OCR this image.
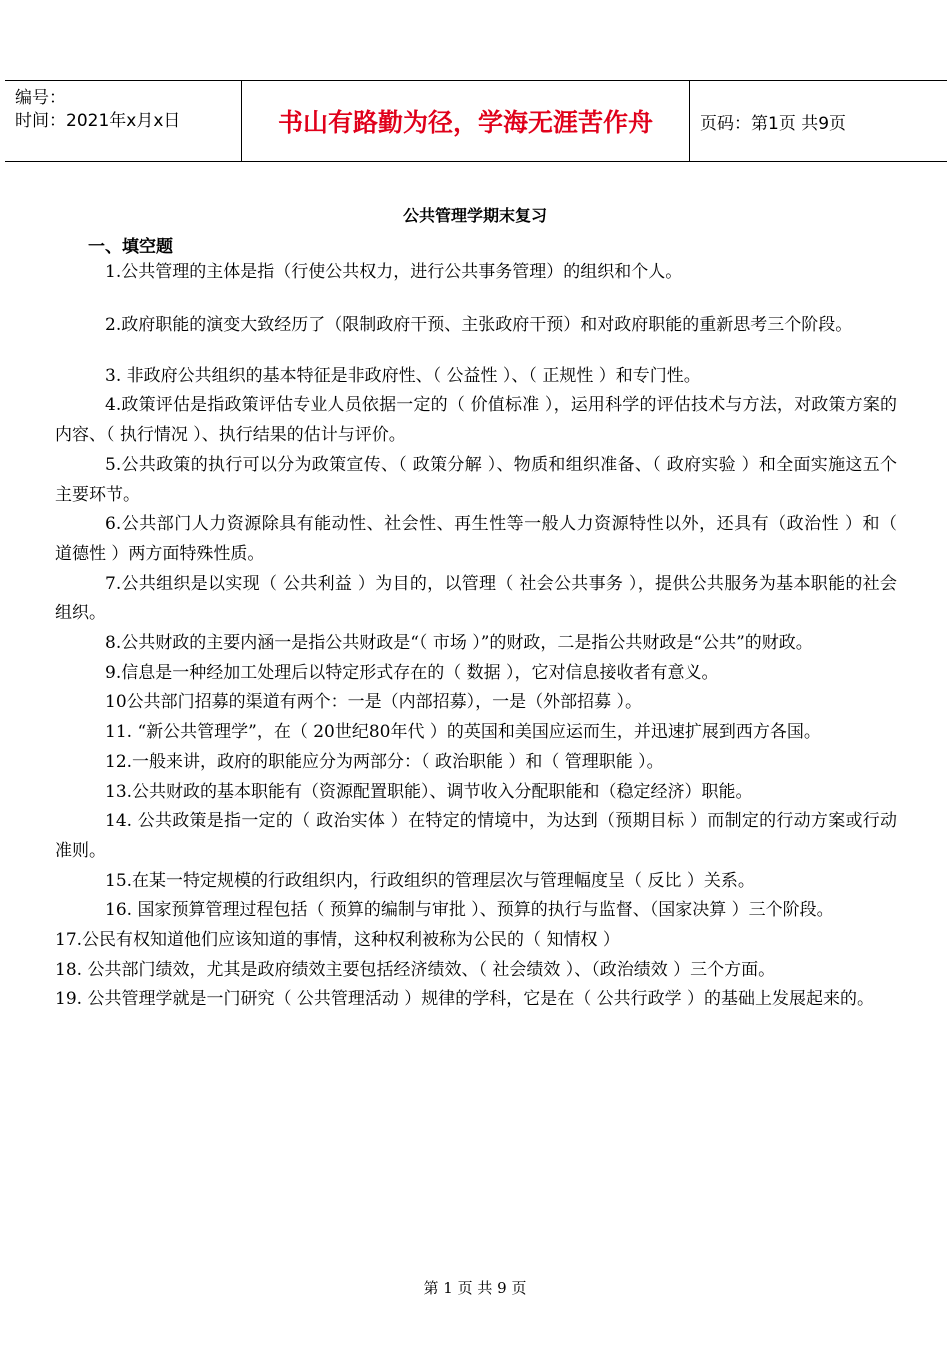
编号：
时间：2021年x月x日	书山有路勤为径，学海无涯苦作舟	页码：第1页 共9页
公共管理学期末复习
一、填空题

1.公共管理的主体是指（行使公共权力，进行公共事务管理）的组织和个人。

2.政府职能的演变大致经历了（限制政府干预、主张政府干预）和对政府职能的重新思考三个阶段。

3. 非政府公共组织的基本特征是非政府性、（ 公益性 ）、（ 正规性 ）和专门性。

4.政策评估是指政策评估专业人员依据一定的（ 价值标准 ），运用科学的评估技术与方法，对政策方案的内容、（ 执行情况 ）、执行结果的估计与评价。

5.公共政策的执行可以分为政策宣传、（ 政策分解 ）、物质和组织准备、（ 政府实验 ）和全面实施这五个主要环节。

6.公共部门人力资源除具有能动性、社会性、再生性等一般人力资源特性以外，还具有（政治性 ）和（ 道德性 ）两方面特殊性质。

7.公共组织是以实现（ 公共利益 ）为目的，以管理（ 社会公共事务 ），提供公共服务为基本职能的社会组织。

8.公共财政的主要内涵一是指公共财政是“（ 市场 ）”的财政，二是指公共财政是“公共”的财政。

9.信息是一种经加工处理后以特定形式存在的（ 数据 ），它对信息接收者有意义。

10公共部门招募的渠道有两个：一是（内部招募），一是（外部招募 ）。

11. “新公共管理学”，在（ 20世纪80年代 ）的英国和美国应运而生，并迅速扩展到西方各国。

12.一般来讲，政府的职能应分为两部分：（ 政治职能 ）和（ 管理职能 ）。

13.公共财政的基本职能有（资源配置职能）、调节收入分配职能和（稳定经济）职能。

14. 公共政策是指一定的（ 政治实体 ）在特定的情境中，为达到（预期目标 ）而制定的行动方案或行动准则。

15.在某一特定规模的行政组织内，行政组织的管理层次与管理幅度呈（ 反比 ）关系。

16. 国家预算管理过程包括（ 预算的编制与审批 ）、预算的执行与监督、（国家决算 ）三个阶段。

17.公民有权知道他们应该知道的事情，这种权利被称为公民的（ 知情权 ）

18. 公共部门绩效，尤其是政府绩效主要包括经济绩效、（ 社会绩效 ）、（政治绩效 ）三个方面。

19. 公共管理学就是一门研究（ 公共管理活动 ）规律的学科，它是在（ 公共行政学 ）的基础上发展起来的。

第 1 页 共 9 页
